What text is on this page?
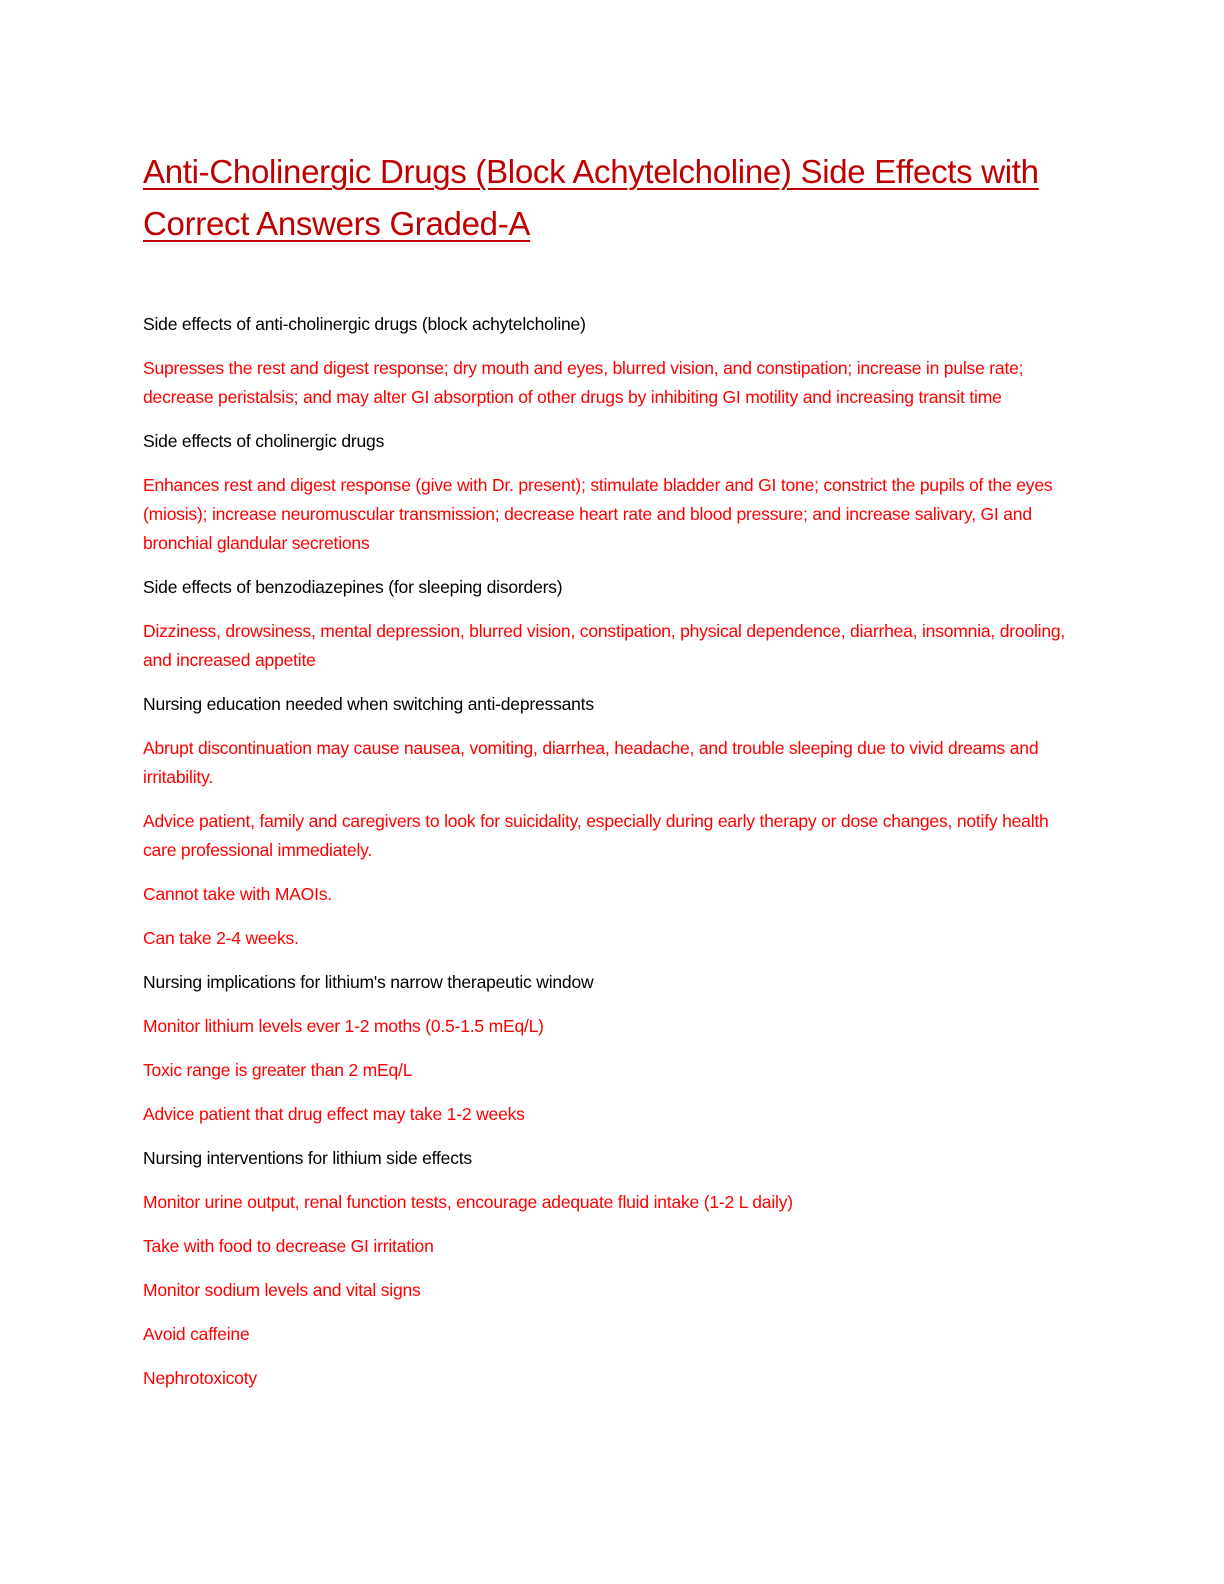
Anti-Cholinergic Drugs (Block Achytelcholine) Side Effects with Correct Answers Graded-A

Side effects of anti-cholinergic drugs (block achytelcholine)

Supresses the rest and digest response; dry mouth and eyes, blurred vision, and constipation; increase in pulse rate; decrease peristalsis; and may alter GI absorption of other drugs by inhibiting GI motility and increasing transit time

Side effects of cholinergic drugs

Enhances rest and digest response (give with Dr. present); stimulate bladder and GI tone; constrict the pupils of the eyes (miosis); increase neuromuscular transmission; decrease heart rate and blood pressure; and increase salivary, GI and bronchial glandular secretions

Side effects of benzodiazepines (for sleeping disorders)

Dizziness, drowsiness, mental depression, blurred vision, constipation, physical dependence, diarrhea, insomnia, drooling, and increased appetite

Nursing education needed when switching anti-depressants

Abrupt discontinuation may cause nausea, vomiting, diarrhea, headache, and trouble sleeping due to vivid dreams and irritability.

Advice patient, family and caregivers to look for suicidality, especially during early therapy or dose changes, notify health care professional immediately.

Cannot take with MAOIs.

Can take 2-4 weeks.

Nursing implications for lithium's narrow therapeutic window

Monitor lithium levels ever 1-2 moths (0.5-1.5 mEq/L)

Toxic range is greater than 2 mEq/L

Advice patient that drug effect may take 1-2 weeks

Nursing interventions for lithium side effects

Monitor urine output, renal function tests, encourage adequate fluid intake (1-2 L daily)

Take with food to decrease GI irritation

Monitor sodium levels and vital signs

Avoid caffeine

Nephrotoxicoty
